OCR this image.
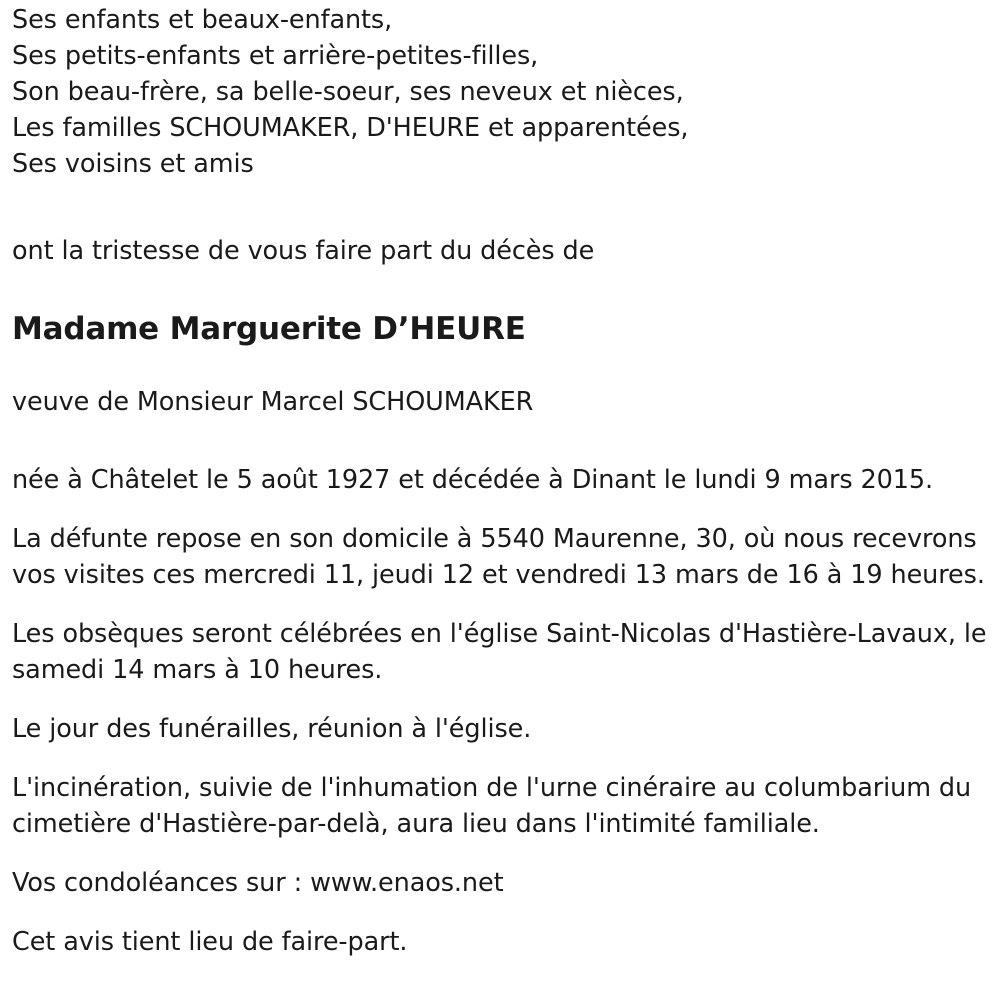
Ses enfants et beaux-enfants,
Ses petits-enfants et arrière-petites-filles,
Son beau-frère, sa belle-soeur, ses neveux et nièces,
Les familles SCHOUMAKER, D'HEURE et apparentées,
Ses voisins et amis
ont la tristesse de vous faire part du décès de
Madame Marguerite D’HEURE
veuve de Monsieur Marcel SCHOUMAKER
née à Châtelet le 5 août 1927 et décédée à Dinant le lundi 9 mars 2015.
La défunte repose en son domicile à 5540 Maurenne, 30, où nous recevrons vos visites ces mercredi 11, jeudi 12 et vendredi 13 mars de 16 à 19 heures.
Les obsèques seront célébrées en l'église Saint-Nicolas d'Hastière-Lavaux, le samedi 14 mars à 10 heures.
Le jour des funérailles, réunion à l'église.
L'incinération, suivie de l'inhumation de l'urne cinéraire au columbarium du cimetière d'Hastière-par-delà, aura lieu dans l'intimité familiale.
Vos condoléances sur : www.enaos.net
Cet avis tient lieu de faire-part.
